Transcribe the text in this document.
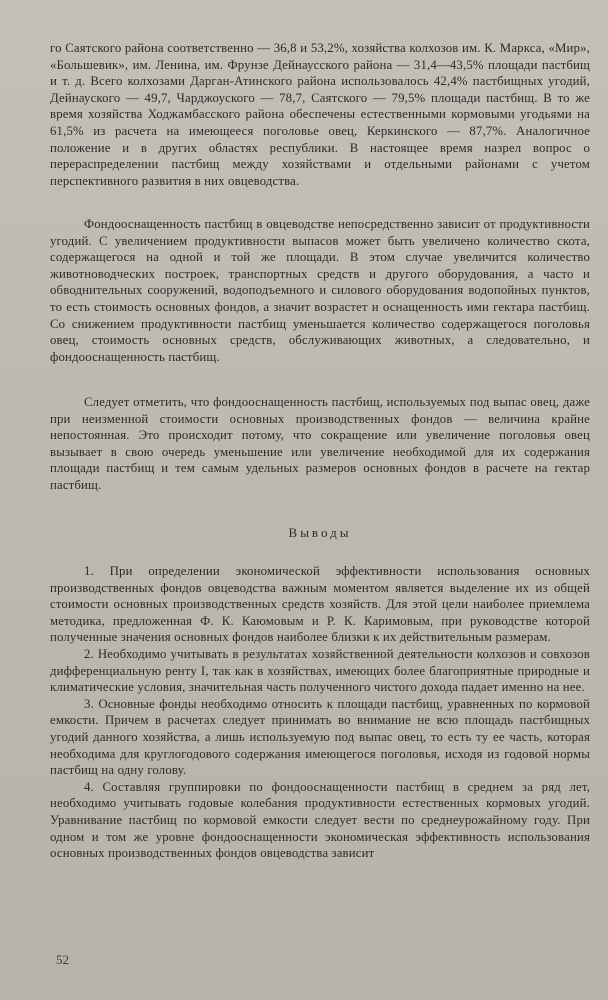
го Саятского района соответственно — 36,8 и 53,2%, хозяйства колхозов им. К. Маркса, «Мир», «Большевик», им. Ленина, им. Фрунзе Дейнаусского района — 31,4—43,5% площади пастбищ и т. д. Всего колхозами Дарган-Атинского района использовалось 42,4% пастбищных угодий, Дейнауского — 49,7, Чарджоуского — 78,7, Саятского — 79,5% площади пастбищ. В то же время хозяйства Ходжамбасского района обеспечены естественными кормовыми угодьями на 61,5% из расчета на имеющееся поголовье овец, Керкинского — 87,7%. Аналогичное положение и в других областях республики. В настоящее время назрел вопрос о перераспределении пастбищ между хозяйствами и отдельными районами с учетом перспективного развития в них овцеводства.

Фондооснащенность пастбищ в овцеводстве непосредственно зависит от продуктивности угодий. С увеличением продуктивности выпасов может быть увеличено количество скота, содержащегося на одной и той же площади. В этом случае увеличится количество животноводческих построек, транспортных средств и другого оборудования, а часто и обводнительных сооружений, водоподъемного и силового оборудования водопойных пунктов, то есть стоимость основных фондов, а значит возрастет и оснащенность ими гектара пастбищ. Со снижением продуктивности пастбищ уменьшается количество содержащегося поголовья овец, стоимость основных средств, обслуживающих животных, а следовательно, и фондооснащенность пастбищ.

Следует отметить, что фондооснащенность пастбищ, используемых под выпас овец, даже при неизменной стоимости основных производственных фондов — величина крайне непостоянная. Это происходит потому, что сокращение или увеличение поголовья овец вызывает в свою очередь уменьшение или увеличение необходимой для их содержания площади пастбищ и тем самым удельных размеров основных фондов в расчете на гектар пастбищ.

Выводы

1. При определении экономической эффективности использования основных производственных фондов овцеводства важным моментом является выделение их из общей стоимости основных производственных средств хозяйств. Для этой цели наиболее приемлема методика, предложенная Ф. К. Каюмовым и Р. К. Каримовым, при руководстве которой полученные значения основных фондов наиболее близки к их действительным размерам.

2. Необходимо учитывать в результатах хозяйственной деятельности колхозов и совхозов дифференциальную ренту I, так как в хозяйствах, имеющих более благоприятные природные и климатические условия, значительная часть полученного чистого дохода падает именно на нее.

3. Основные фонды необходимо относить к площади пастбищ, уравненных по кормовой емкости. Причем в расчетах следует принимать во внимание не всю площадь пастбищных угодий данного хозяйства, а лишь используемую под выпас овец, то есть ту ее часть, которая необходима для круглогодового содержания имеющегося поголовья, исходя из годовой нормы пастбищ на одну голову.

4. Составляя группировки по фондооснащенности пастбищ в среднем за ряд лет, необходимо учитывать годовые колебания продуктивности естественных кормовых угодий. Уравнивание пастбищ по кормовой емкости следует вести по среднеурожайному году. При одном и том же уровне фондооснащенности экономическая эффективность использования основных производственных фондов овцеводства зависит

52
